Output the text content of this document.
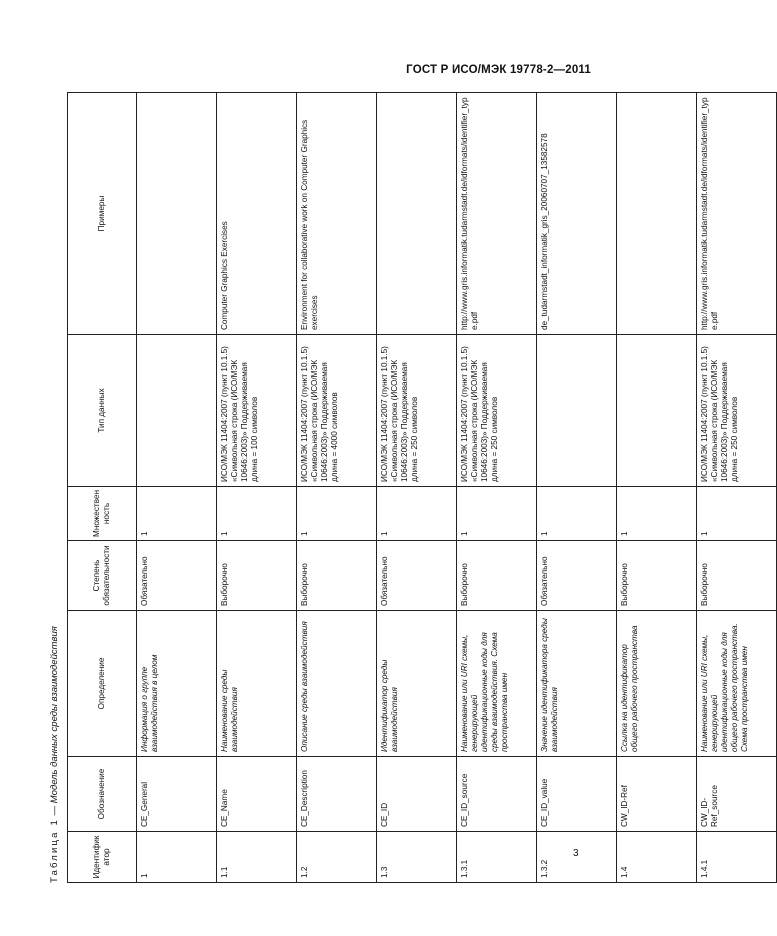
ГОСТ Р ИСО/МЭК 19778-2—2011
Таблица 1 — Модель данных среды взаимодействия
Идентификатор	Обозначение	Определение	Степень обязательности	Множественность	Тип данных	Примеры
1	CE_General	Информация о группе взаимодействия в целом	Обязательно	1		
1.1	CE_Name	Наименование среды взаимодействия	Выборочно	1	ИСО/МЭК 11404:2007 (пункт 10.1.5) «Символьная строка (ИСО/МЭК 10646:2003)» Поддерживаемая длина = 100 символов	Computer Graphics Exercises
1.2	CE_Description	Описание среды взаимодействия	Выборочно	1	ИСО/МЭК 11404:2007 (пункт 10.1.5) «Символьная строка (ИСО/МЭК 10646:2003)» Поддерживаемая длина = 4000 символов	Environment for collaborative work on Computer Graphics exercises
1.3	CE_ID	Идентификатор среды взаимодействия	Обязательно	1	ИСО/МЭК 11404:2007 (пункт 10.1.5) «Символьная строка (ИСО/МЭК 10646:2003)» Поддерживаемая длина = 250 символов	
1.3.1	CE_ID_source	Наименование или URI схемы, генерирующей идентификационные коды для среды взаимодействия. Схема пространства имен	Выборочно	1	ИСО/МЭК 11404:2007 (пункт 10.1.5) «Символьная строка (ИСО/МЭК 10646:2003)» Поддерживаемая длина = 250 символов	http://www.gris.informatik.tudarmstadt.de/idformats/identifier_type.pdf
1.3.2	CE_ID_value	Значение идентификатора среды взаимодействия	Обязательно	1		de_tudarmstadt_informatik_gris_20060707_13582578
1.4	CW_ID-Ref	Ссылка на идентификатор общего рабочего пространства	Выборочно	1		
1.4.1	CW_ID-Ref_source	Наименование или URI схемы, генерирующей идентификационные коды для общего рабочего пространства. Схема пространства имен	Выборочно	1	ИСО/МЭК 11404:2007 (пункт 10.1.5) «Символьная строка (ИСО/МЭК 10646:2003)» Поддерживаемая длина = 250 символов	http://www.gris.informatik.tudarmstadt.de/idformats/identifier_type.pdf
3
